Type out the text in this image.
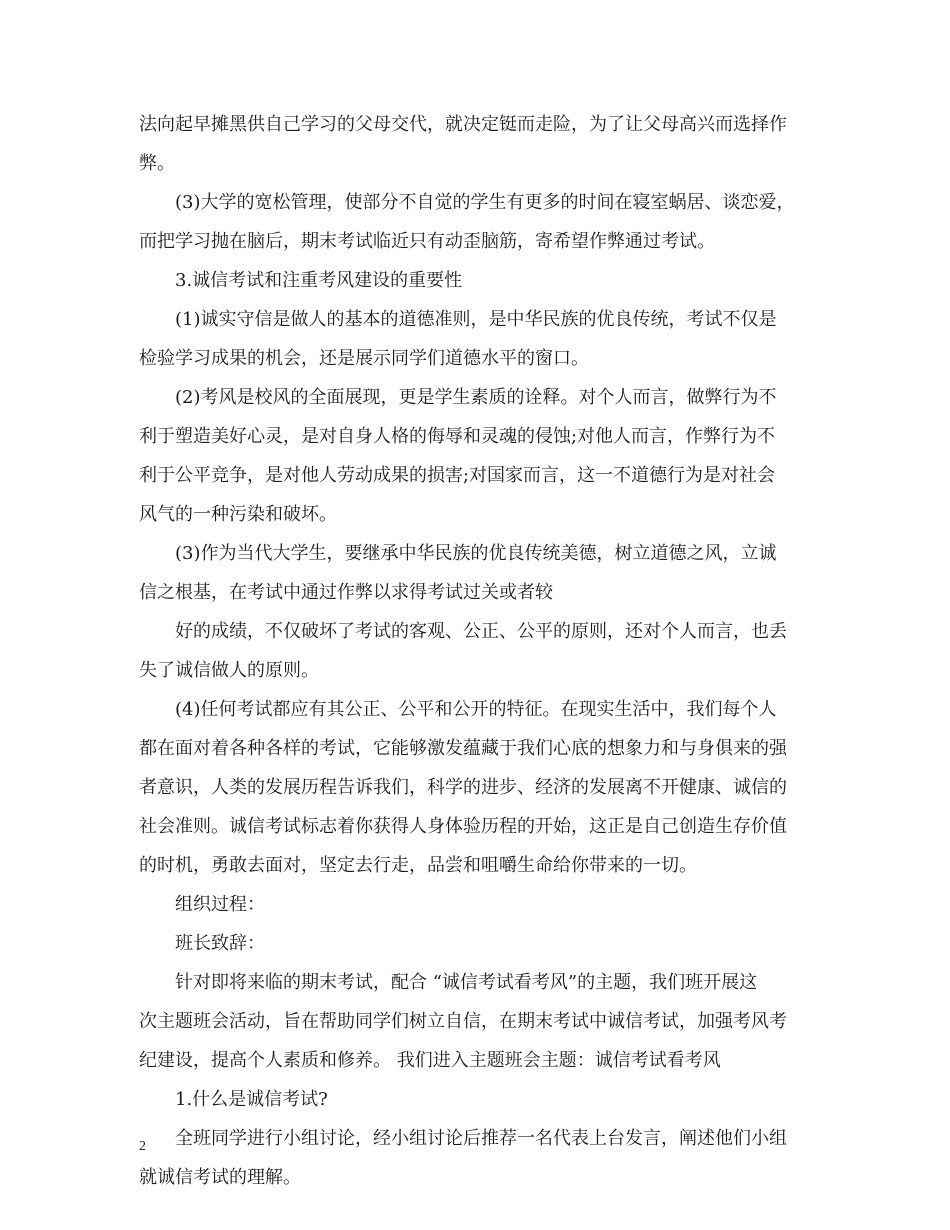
法向起早摊黑供自己学习的父母交代，就决定铤而走险，为了让父母高兴而选择作
弊。
(3)大学的宽松管理，使部分不自觉的学生有更多的时间在寝室蜗居、谈恋爱，
而把学习抛在脑后，期末考试临近只有动歪脑筋，寄希望作弊通过考试。
3.诚信考试和注重考风建设的重要性
(1)诚实守信是做人的基本的道德准则，是中华民族的优良传统，考试不仅是
检验学习成果的机会，还是展示同学们道德水平的窗口。
(2)考风是校风的全面展现，更是学生素质的诠释。对个人而言，做弊行为不
利于塑造美好心灵，是对自身人格的侮辱和灵魂的侵蚀;对他人而言，作弊行为不
利于公平竞争，是对他人劳动成果的损害;对国家而言，这一不道德行为是对社会
风气的一种污染和破坏。
(3)作为当代大学生，要继承中华民族的优良传统美德，树立道德之风，立诚
信之根基，在考试中通过作弊以求得考试过关或者较
好的成绩，不仅破坏了考试的客观、公正、公平的原则，还对个人而言，也丢
失了诚信做人的原则。
(4)任何考试都应有其公正、公平和公开的特征。在现实生活中，我们每个人
都在面对着各种各样的考试，它能够激发蕴藏于我们心底的想象力和与身俱来的强
者意识，人类的发展历程告诉我们，科学的进步、经济的发展离不开健康、诚信的
社会准则。诚信考试标志着你获得人身体验历程的开始，这正是自己创造生存价值
的时机，勇敢去面对，坚定去行走，品尝和咀嚼生命给你带来的一切。
组织过程：
班长致辞：
针对即将来临的期末考试，配合 “诚信考试看考风”的主题，我们班开展这
次主题班会活动，旨在帮助同学们树立自信，在期末考试中诚信考试，加强考风考
纪建设，提高个人素质和修养。 我们进入主题班会主题：诚信考试看考风
1.什么是诚信考试?
全班同学进行小组讨论，经小组讨论后推荐一名代表上台发言，阐述他们小组
就诚信考试的理解。
2
